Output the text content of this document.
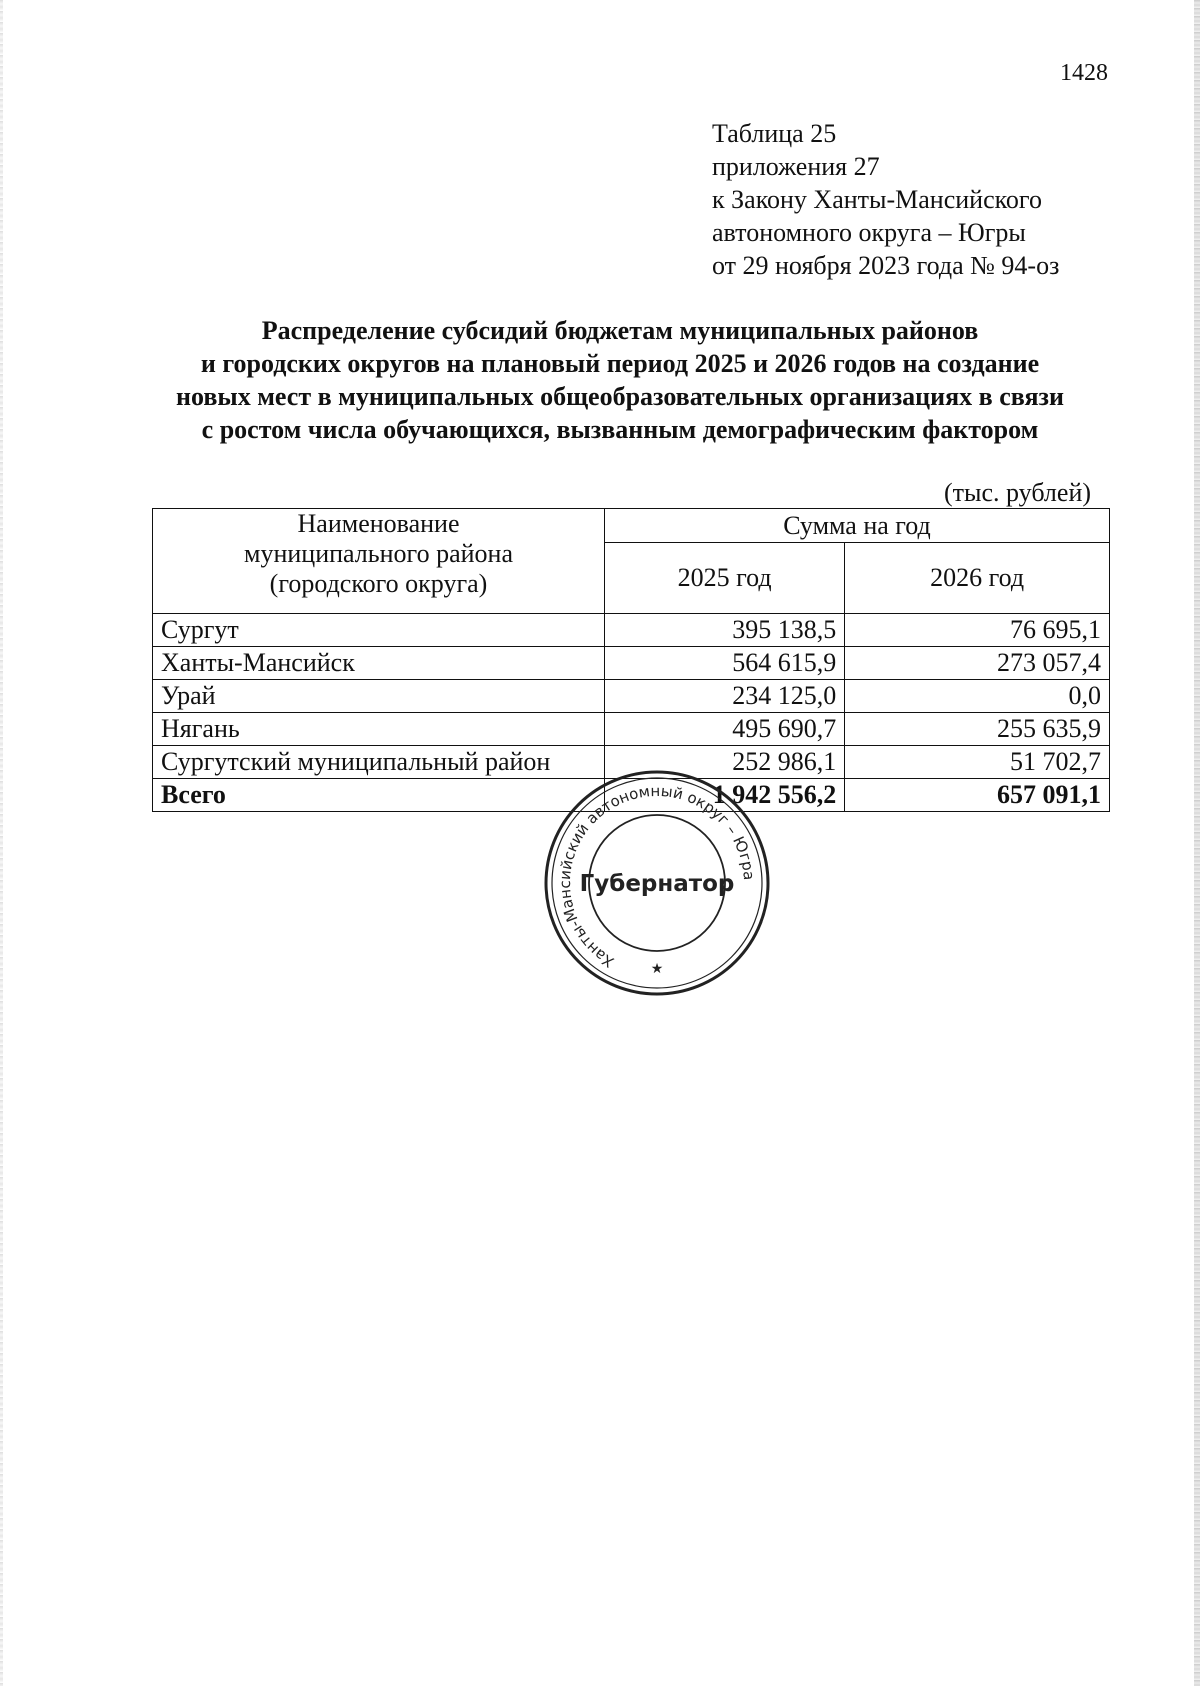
1428
Таблица 25
приложения 27
к Закону Ханты-Мансийского
автономного округа – Югры
от 29 ноября 2023 года № 94-оз
Распределение субсидий бюджетам муниципальных районов
и городских округов на плановый период 2025 и 2026 годов на создание
новых мест в муниципальных общеобразовательных организациях в связи
с ростом числа обучающихся, вызванным демографическим фактором
(тыс. рублей)
Наименование
муниципального района
(городского округа)	Сумма на год	
	2025 год	2026 год
Сургут	395 138,5	76 695,1
Ханты-Мансийск	564 615,9	273 057,4
Урай	234 125,0	0,0
Нягань	495 690,7	255 635,9
Сургутский муниципальный район	252 986,1	51 702,7
Всего	1 942 556,2	657 091,1
Ханты-Мансийский автономный округ – Югра
Губернатор
★
